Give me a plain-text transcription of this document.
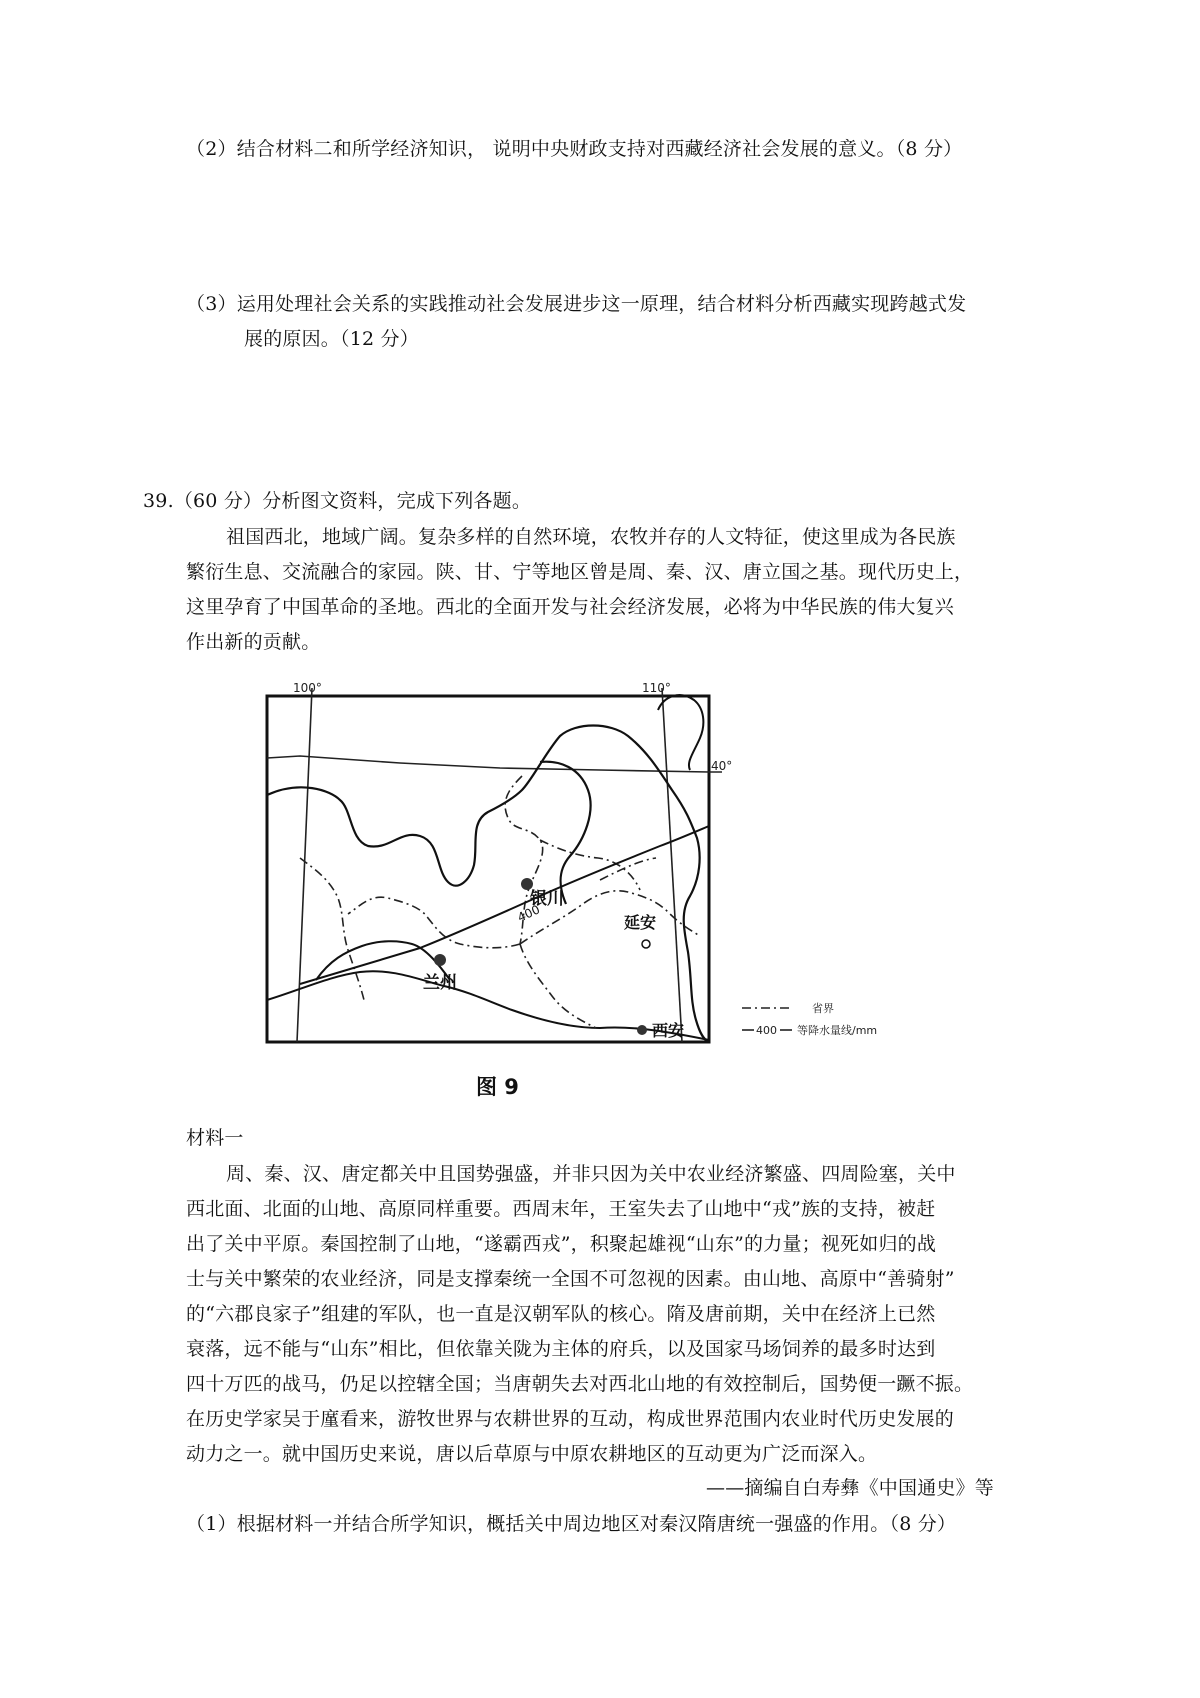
（2）结合材料二和所学经济知识， 说明中央财政支持对西藏经济社会发展的意义。（8 分）
（3）运用处理社会关系的实践推动社会发展进步这一原理，结合材料分析西藏实现跨越式发
展的原因。（12 分）
39.（60 分）分析图文资料，完成下列各题。
祖国西北，地域广阔。复杂多样的自然环境，农牧并存的人文特征，使这里成为各民族
繁衍生息、交流融合的家园。陕、甘、宁等地区曾是周、秦、汉、唐立国之基。现代历史上，
这里孕育了中国革命的圣地。西北的全面开发与社会经济发展，必将为中华民族的伟大复兴
作出新的贡献。
100°	110°
40°
400
银川
兰州
延安
西安
省界
400 等降水量线/mm
图 9
材料一
周、秦、汉、唐定都关中且国势强盛，并非只因为关中农业经济繁盛、四周险塞，关中
西北面、北面的山地、高原同样重要。西周末年，王室失去了山地中“戎”族的支持，被赶
出了关中平原。秦国控制了山地，“遂霸西戎”，积聚起雄视“山东”的力量；视死如归的战
士与关中繁荣的农业经济，同是支撑秦统一全国不可忽视的因素。由山地、高原中“善骑射”
的“六郡良家子”组建的军队，也一直是汉朝军队的核心。隋及唐前期，关中在经济上已然
衰落，远不能与“山东”相比，但依靠关陇为主体的府兵，以及国家马场饲养的最多时达到
四十万匹的战马，仍足以控辖全国；当唐朝失去对西北山地的有效控制后，国势便一蹶不振。
在历史学家吴于廑看来，游牧世界与农耕世界的互动，构成世界范围内农业时代历史发展的
动力之一。就中国历史来说，唐以后草原与中原农耕地区的互动更为广泛而深入。
——摘编自白寿彝《中国通史》等
（1）根据材料一并结合所学知识，概括关中周边地区对秦汉隋唐统一强盛的作用。（8 分）
